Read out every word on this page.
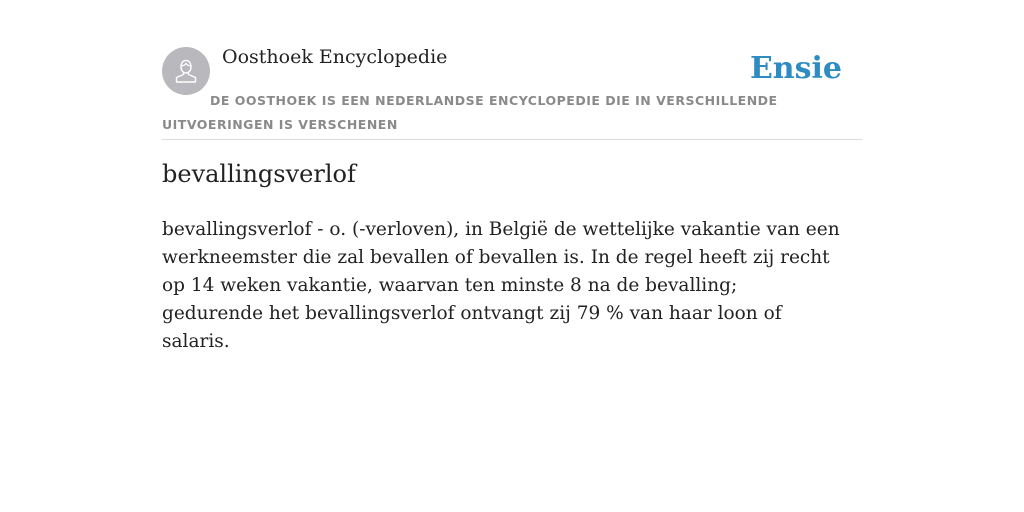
Oosthoek Encyclopedie	Ensie
DE OOSTHOEK IS EEN NEDERLANDSE ENCYCLOPEDIE DIE IN VERSCHILLENDE UITVOERINGEN IS VERSCHENEN
bevallingsverlof

bevallingsverlof - o. (-verloven), in België de wettelijke vakantie van een werkneemster die zal bevallen of bevallen is. In de regel heeft zij recht op 14 weken vakantie, waarvan ten minste 8 na de bevalling; gedurende het bevallingsverlof ontvangt zij 79 % van haar loon of salaris.
